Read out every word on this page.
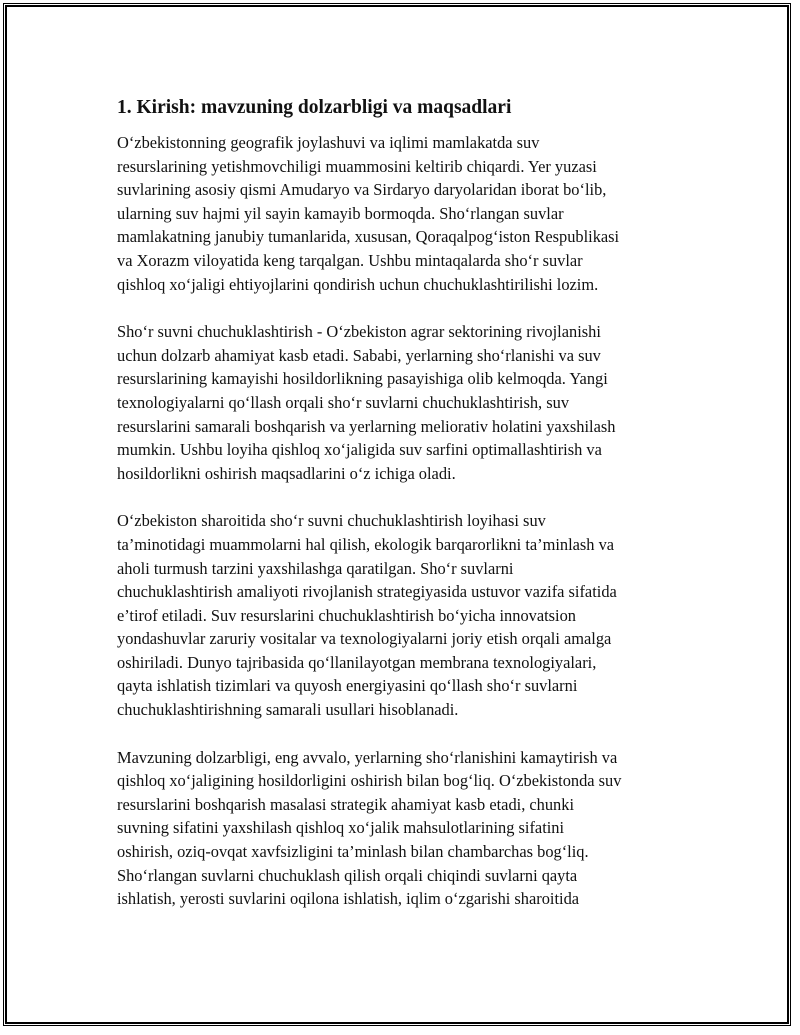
1. Kirish: mavzuning dolzarbligi va maqsadlari
O‘zbekistonning geografik joylashuvi va iqlimi mamlakatda suv
resurslarining yetishmovchiligi muammosini keltirib chiqardi. Yer yuzasi
suvlarining asosiy qismi Amudaryo va Sirdaryo daryolaridan iborat bo‘lib,
ularning suv hajmi yil sayin kamayib bormoqda. Sho‘rlangan suvlar
mamlakatning janubiy tumanlarida, xususan, Qoraqalpog‘iston Respublikasi
va Xorazm viloyatida keng tarqalgan. Ushbu mintaqalarda sho‘r suvlar
qishloq xo‘jaligi ehtiyojlarini qondirish uchun chuchuklashtirilishi lozim.
Sho‘r suvni chuchuklashtirish - O‘zbekiston agrar sektorining rivojlanishi
uchun dolzarb ahamiyat kasb etadi. Sababi, yerlarning sho‘rlanishi va suv
resurslarining kamayishi hosildorlikning pasayishiga olib kelmoqda. Yangi
texnologiyalarni qo‘llash orqali sho‘r suvlarni chuchuklashtirish, suv
resurslarini samarali boshqarish va yerlarning meliorativ holatini yaxshilash
mumkin. Ushbu loyiha qishloq xo‘jaligida suv sarfini optimallashtirish va
hosildorlikni oshirish maqsadlarini o‘z ichiga oladi.
O‘zbekiston sharoitida sho‘r suvni chuchuklashtirish loyihasi suv
ta’minotidagi muammolarni hal qilish, ekologik barqarorlikni ta’minlash va
aholi turmush tarzini yaxshilashga qaratilgan. Sho‘r suvlarni
chuchuklashtirish amaliyoti rivojlanish strategiyasida ustuvor vazifa sifatida
e’tirof etiladi. Suv resurslarini chuchuklashtirish bo‘yicha innovatsion
yondashuvlar zaruriy vositalar va texnologiyalarni joriy etish orqali amalga
oshiriladi. Dunyo tajribasida qo‘llanilayotgan membrana texnologiyalari,
qayta ishlatish tizimlari va quyosh energiyasini qo‘llash sho‘r suvlarni
chuchuklashtirishning samarali usullari hisoblanadi.
Mavzuning dolzarbligi, eng avvalo, yerlarning sho‘rlanishini kamaytirish va
qishloq xo‘jaligining hosildorligini oshirish bilan bog‘liq. O‘zbekistonda suv
resurslarini boshqarish masalasi strategik ahamiyat kasb etadi, chunki
suvning sifatini yaxshilash qishloq xo‘jalik mahsulotlarining sifatini
oshirish, oziq-ovqat xavfsizligini ta’minlash bilan chambarchas bog‘liq.
Sho‘rlangan suvlarni chuchuklash qilish orqali chiqindi suvlarni qayta
ishlatish, yerosti suvlarini oqilona ishlatish, iqlim o‘zgarishi sharoitida
